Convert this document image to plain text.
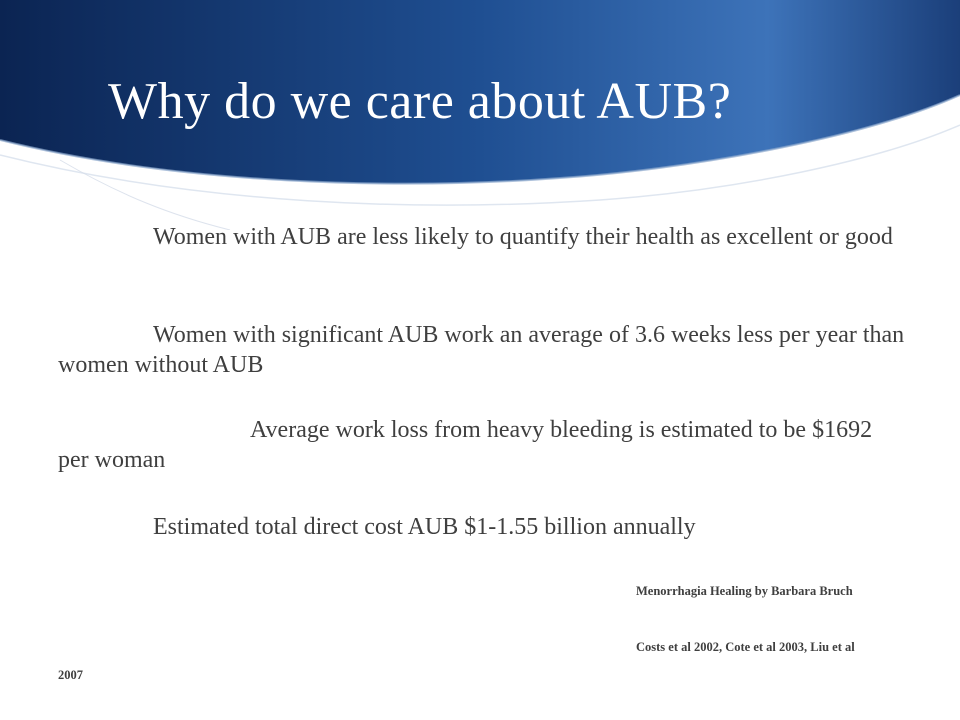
Why do we care about AUB?
Women with AUB are less likely to quantify their health as excellent or good
Women with significant AUB work an average of 3.6 weeks less per year than women without AUB
Average work loss from heavy bleeding is estimated to be $1692 per woman
Estimated total direct cost AUB $1-1.55 billion annually
Menorrhagia Healing by Barbara Bruch
Costs et al 2002, Cote et al 2003, Liu et al
2007
